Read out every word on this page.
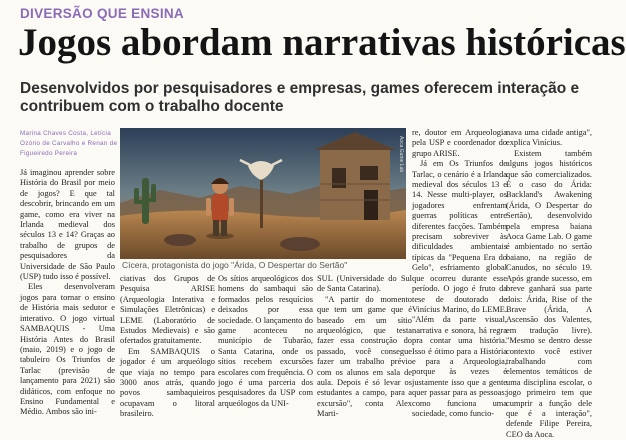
DIVERSÃO QUE ENSINA
Jogos abordam narrativas históricas
Desenvolvidos por pesquisadores e empresas, games oferecem interação e contribuem com o trabalho docente
Marina Chaves Costa, Letícia
Ozório de Carvalho e Renan de
Figueiredo Pereira	Aoca Game Lab
Cícera, protagonista do jogo "Árida, O Despertar do Sertão"

Já imaginou aprender sobre História do Brasil por meio de jogos? E que tal descobrir, brincando em um game, como era viver na Irlanda medieval dos séculos 13 e 14? Graças ao trabalho de grupos de pesquisadores da Universidade de São Paulo (USP) tudo isso é possível.

Eles desenvolveram jogos para tornar o ensino de História mais sedutor e interativo. O jogo virtual SAMBAQUIS - Uma História Antes do Brasil (maio, 2019) e o jogo de tabuleiro Os Triunfos de Tarlac (previsão de lançamento para 2021) são didáticos, com enfoque no Ensino Fundamental e Médio. Ambos são ini-

ciativas dos Grupos de Pesquisa ARISE (Arqueologia Interativa e Simulações Eletrônicas) e LEME (Laboratório de Estudos Medievais) e são ofertados gratuitamente.

Em SAMBAQUIS o jogador é um arqueólogo que viaja no tempo para 3000 anos atrás, quando povos sambaquieiros ocupavam o litoral brasileiro.

Os sítios arqueológicos dos homens do sambaqui são formados pelos resquícios deixados por essa sociedade. O lançamento do game aconteceu no município de Tubarão, Santa Catarina, onde os sítios recebem excursões escolares com frequência. O jogo é uma parceria dos pesquisadores da USP com arqueólogos da UNI-

SUL (Universidade do Sul de Santa Catarina).

"A partir do momento que tem um game que é baseado em um sítio arqueológico, que testa fazer essa construção do passado, você consegue fazer um trabalho prévio com os alunos em sala de aula. Depois é só levar os estudantes a campo, para a excursão", conta Alex Marti-

re, doutor em Arqueologia pela USP e coordenador do grupo ARISE.

Já em Os Triunfos de Tarlac, o cenário é a Irlanda medieval dos séculos 13 e 14. Nesse multi-player, os jogadores enfrentam guerras políticas entre diferentes facções. Também precisam sobreviver às dificuldades ambientais típicas da "Pequena Era do Gelo", esfriamento global que ocorreu durante esse período. O jogo é fruto da tese de doutorado de Vinícius Marino, do LEME. "Além da parte visual, narrativa e sonora, há regra pra contar uma história. Isso é ótimo para a História e para a Arqueologia, porque às vezes é justamente isso que a gente quer passar para as pessoas: como funciona uma sociedade, como funcio-

nava uma cidade antiga", explica Vinícius.

Existem também alguns jogos históricos que são comercializados. É o caso do Árida: Backland's Awakening (Árida, O Despertar do Sertão), desenvolvido pela empresa baiana Aoca Game Lab. O game é ambientado no sertão baiano, na região de Canudos, no século 19. Após grande sucesso, em breve ganhará sua parte dois: Árida, Rise of the Brave (Árida, A Ascensão dos Valentes, em tradução livre). "Mesmo se dentro desse contexto você estiver trabalhando com elementos temáticos de uma disciplina escolar, o jogo primeiro tem que cumprir a função dele que é a interação", defende Filipe Pereira, CEO da Aoca.
